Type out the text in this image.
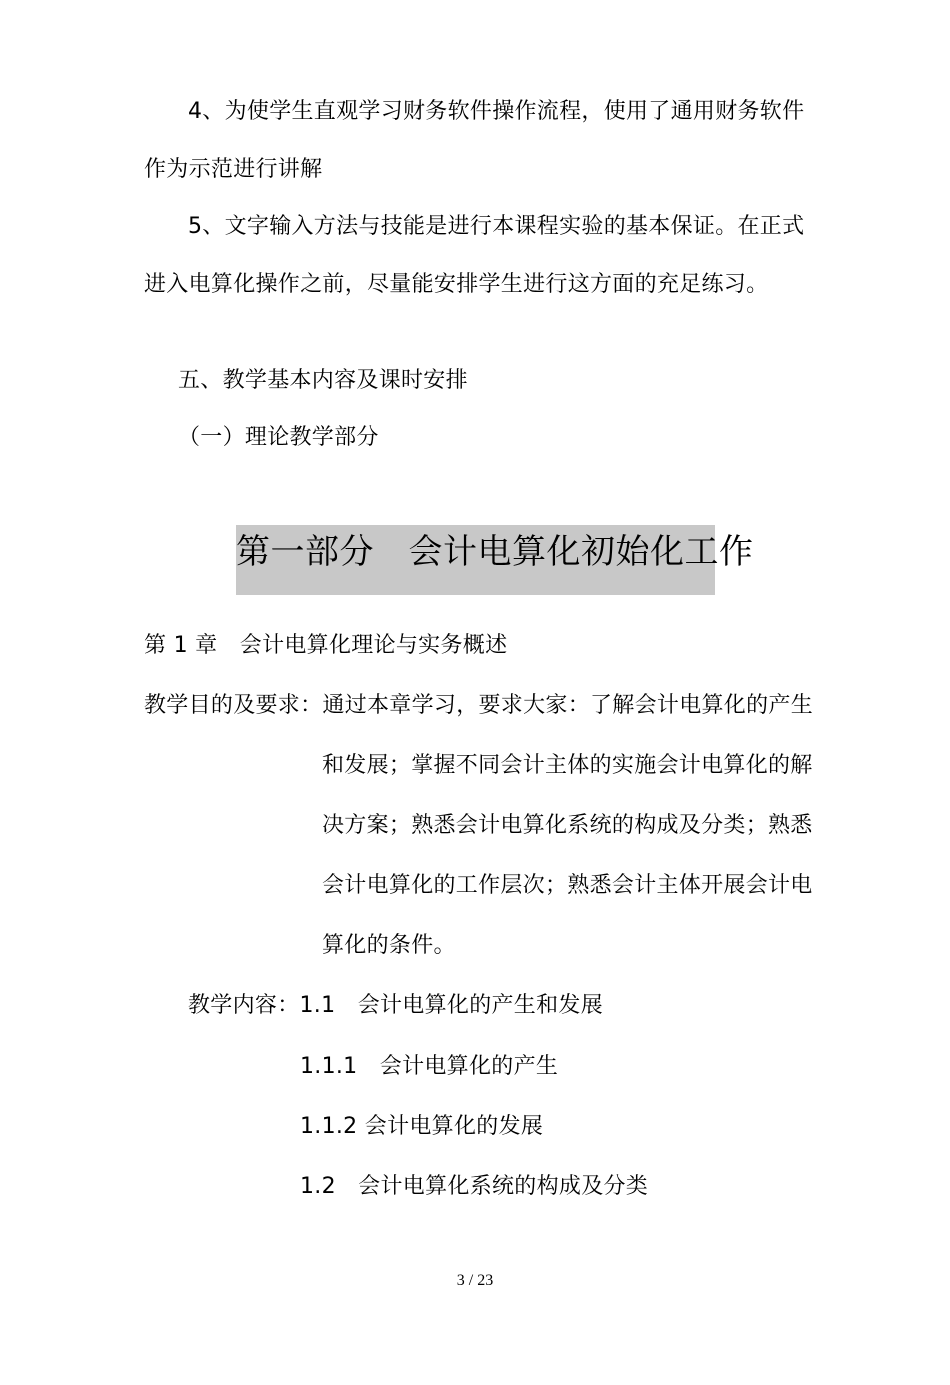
4、为使学生直观学习财务软件操作流程，使用了通用财务软件
作为示范进行讲解
5、文字输入方法与技能是进行本课程实验的基本保证。在正式
进入电算化操作之前，尽量能安排学生进行这方面的充足练习。
五、教学基本内容及课时安排
（一）理论教学部分
第一部分　会计电算化初始化工作
第 1 章　会计电算化理论与实务概述
教学目的及要求：通过本章学习，要求大家：了解会计电算化的产生
和发展；掌握不同会计主体的实施会计电算化的解
决方案；熟悉会计电算化系统的构成及分类；熟悉
会计电算化的工作层次；熟悉会计主体开展会计电
算化的条件。
教学内容：1.1　会计电算化的产生和发展
1.1.1　会计电算化的产生
1.1.2 会计电算化的发展
1.2　会计电算化系统的构成及分类
3 / 23
